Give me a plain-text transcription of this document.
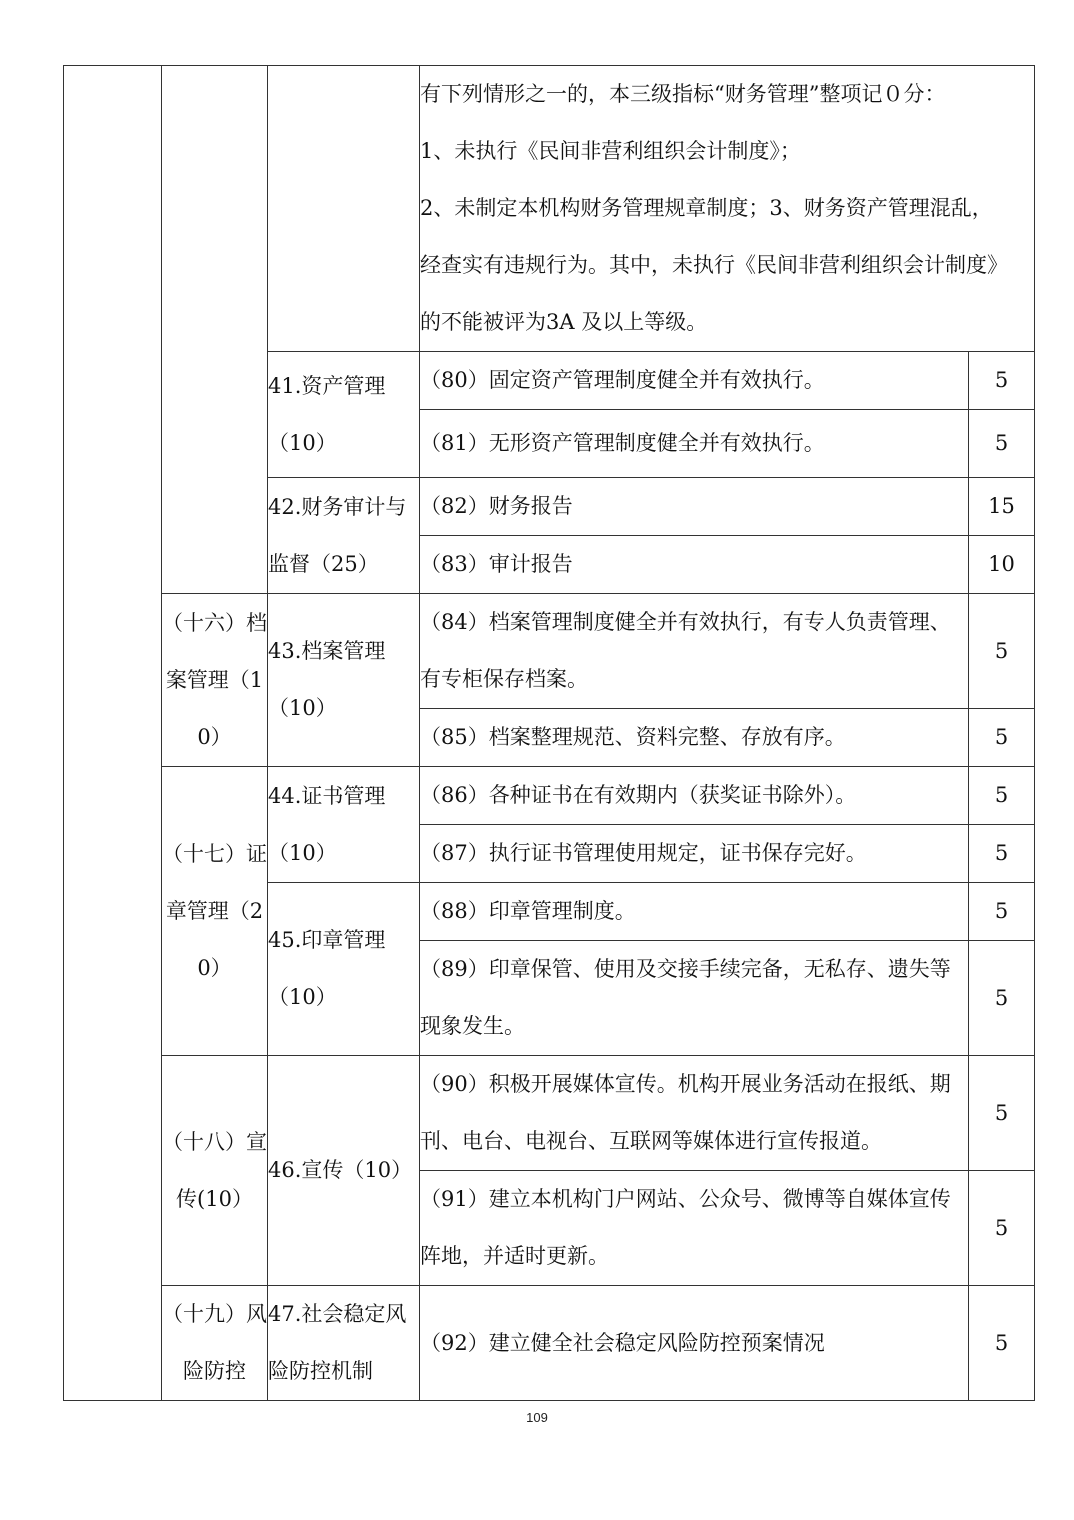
			有下列情形之一的，本三级指标“财务管理”整项记０分：
1、未执行《民间非营利组织会计制度》；
2、未制定本机构财务管理规章制度；3、财务资产管理混乱，
经查实有违规行为。其中，未执行《民间非营利组织会计制度》
的不能被评为3A 及以上等级。	

		41.资产管理（10）	（80）固定资产管理制度健全并有效执行。	5
			（81）无形资产管理制度健全并有效执行。	5
		42.财务审计与监督（25）	（82）财务报告	15
			（83）审计报告	10
	（十六）档案管理（10）	43.档案管理（10）	（84）档案管理制度健全并有效执行，有专人负责管理、有专柜保存档案。	5
			（85）档案整理规范、资料完整、存放有序。	5
	（十七）证章管理（20）	44.证书管理（10）	（86）各种证书在有效期内（获奖证书除外）。	5
			（87）执行证书管理使用规定，证书保存完好。	5
		45.印章管理（10）	（88）印章管理制度。	5
			（89）印章保管、使用及交接手续完备，无私存、遗失等现象发生。	5
	（十八）宣传(10）	46.宣传（10）	（90）积极开展媒体宣传。机构开展业务活动在报纸、期刊、电台、电视台、互联网等媒体进行宣传报道。	5
			（91）建立本机构门户网站、公众号、微博等自媒体宣传阵地，并适时更新。	5
	（十九）风险防控	47.社会稳定风险防控机制	（92）建立健全社会稳定风险防控预案情况	5
109
